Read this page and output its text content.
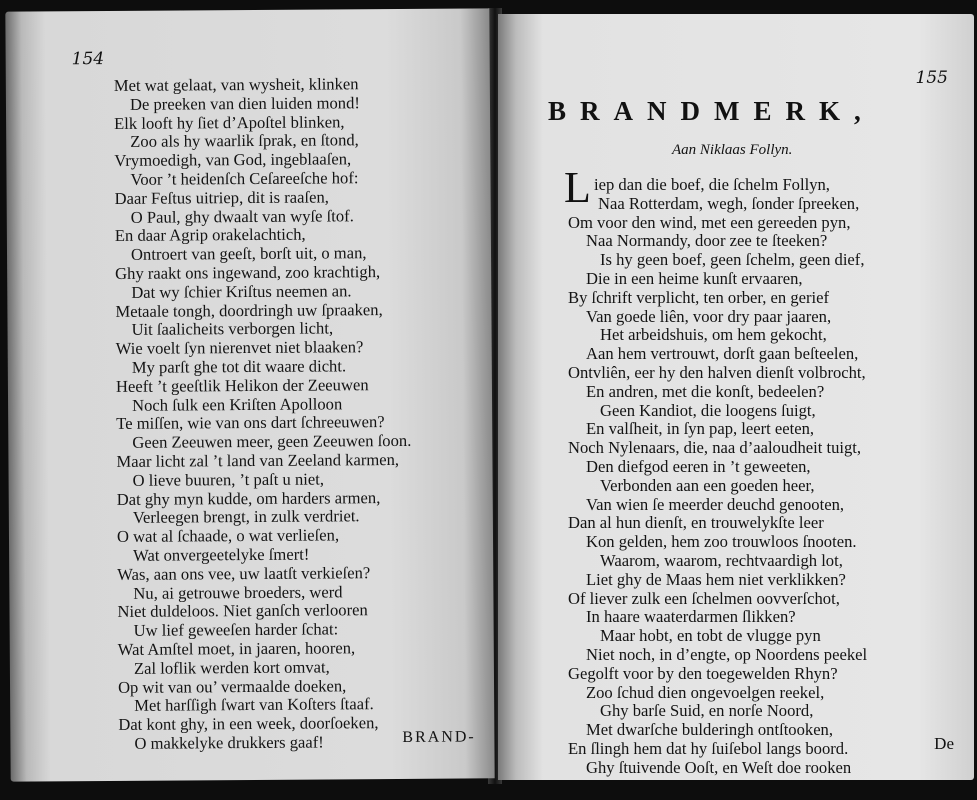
154
Met wat gelaat, van wysheit, klinken
De preeken van dien luiden mond!
Elk looft hy ſiet d’Apoſtel blinken,
Zoo als hy waarlik ſprak, en ſtond,
Vrymoedigh, van God, ingeblaaſen,
Voor ’t heidenſch Ceſareeſche hof:
Daar Feſtus uitriep, dit is raaſen,
O Paul, ghy dwaalt van wyſe ſtof.
En daar Agrip orakelachtich,
Ontroert van geeſt, borſt uit, o man,
Ghy raakt ons ingewand, zoo krachtigh,
Dat wy ſchier Kriſtus neemen an.
Metaale tongh, doordringh uw ſpraaken,
Uit ſaalicheits verborgen licht,
Wie voelt ſyn nierenvet niet blaaken?
My parſt ghe tot dit waare dicht.
Heeft ’t geeſtlik Helikon der Zeeuwen
Noch ſulk een Kriſten Apolloon
Te miſſen, wie van ons dart ſchreeuwen?
Geen Zeeuwen meer, geen Zeeuwen ſoon.
Maar licht zal ’t land van Zeeland karmen,
O lieve buuren, ’t paſt u niet,
Dat ghy myn kudde, om harders armen,
Verleegen brengt, in zulk verdriet.
O wat al ſchaade, o wat verlieſen,
Wat onvergeetelyke ſmert!
Was, aan ons vee, uw laatſt verkieſen?
Nu, ai getrouwe broeders, werd
Niet duldeloos. Niet ganſch verlooren
Uw lief geweeſen harder ſchat:
Wat Amſtel moet, in jaaren, hooren,
Zal loflik werden kort omvat,
Op wit van ou’ vermaalde doeken,
Met harſſigh ſwart van Koſters ſtaaf.
Dat kont ghy, in een week, doorſoeken,
O makkelyke drukkers gaaf!	BRAND-
155
BRANDMERK,
Aan Niklaas Follyn.
L iep dan die boef, die ſchelm Follyn,
Naa Rotterdam, wegh, ſonder ſpreeken,
Om voor den wind, met een gereeden pyn,
Naa Normandy, door zee te ſteeken?
Is hy geen boef, geen ſchelm, geen dief,
Die in een heime kunſt ervaaren,
By ſchrift verplicht, ten orber, en gerief
Van goede liên, voor dry paar jaaren,
Het arbeidshuis, om hem gekocht,
Aan hem vertrouwt, dorſt gaan beſteelen,
Ontvliên, eer hy den halven dienſt volbrocht,
En andren, met die konſt, bedeelen?
Geen Kandiot, die loogens ſuigt,
En valſheit, in ſyn pap, leert eeten,
Noch Nylenaars, die, naa d’aaloudheit tuigt,
Den diefgod eeren in ’t geweeten,
Verbonden aan een goeden heer,
Van wien ſe meerder deuchd genooten,
Dan al hun dienſt, en trouwelykſte leer
Kon gelden, hem zoo trouwloos ſnooten.
Waarom, waarom, rechtvaardigh lot,
Liet ghy de Maas hem niet verklikken?
Of liever zulk een ſchelmen oovverſchot,
In haare waaterdarmen ſlikken?
Maar hobt, en tobt de vlugge pyn
Niet noch, in d’engte, op Noordens peekel
Gegolft voor by den toegewelden Rhyn?
Zoo ſchud dien ongevoelgen reekel,
Ghy barſe Suid, en norſe Noord,
Met dwarſche bulderingh ontſtooken,
En ſlingh hem dat hy ſuiſebol langs boord.
Ghy ſtuivende Ooſt, en Weſt doe rooken
De
